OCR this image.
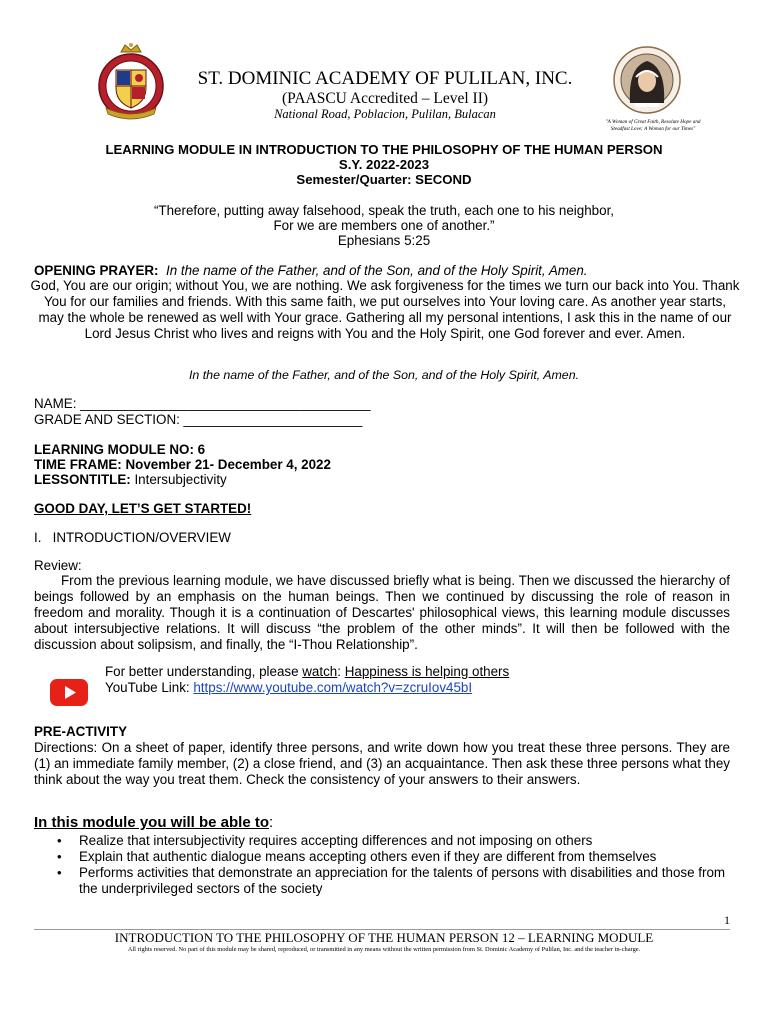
ST. DOMINIC ACADEMY OF PULILAN, INC.
(PAASCU Accredited – Level II)
National Road, Poblacion, Pulilan, Bulacan
"A Woman of Great Faith, Resolute Hope and Steadfast Love; A Woman for our Times"
LEARNING MODULE IN INTRODUCTION TO THE PHILOSOPHY OF THE HUMAN PERSON
S.Y. 2022-2023
Semester/Quarter: SECOND
“Therefore, putting away falsehood, speak the truth, each one to his neighbor,
For we are members one of another.”
Ephesians 5:25
OPENING PRAYER: In the name of the Father, and of the Son, and of the Holy Spirit, Amen.
God, You are our origin; without You, we are nothing. We ask forgiveness for the times we turn our back into You. Thank You for our families and friends. With this same faith, we put ourselves into Your loving care. As another year starts, may the whole be renewed as well with Your grace. Gathering all my personal intentions, I ask this in the name of our Lord Jesus Christ who lives and reigns with You and the Holy Spirit, one God forever and ever. Amen.
In the name of the Father, and of the Son, and of the Holy Spirit, Amen.
NAME: _______________________________________
GRADE AND SECTION: ________________________
LEARNING MODULE NO: 6
TIME FRAME: November 21- December 4, 2022
LESSONTITLE: Intersubjectivity
GOOD DAY, LET’S GET STARTED!
I.   INTRODUCTION/OVERVIEW
Review:
From the previous learning module, we have discussed briefly what is being. Then we discussed the hierarchy of beings followed by an emphasis on the human beings. Then we continued by discussing the role of reason in freedom and morality. Though it is a continuation of Descartes' philosophical views, this learning module discusses about intersubjective relations. It will discuss “the problem of the other minds”. It will then be followed with the discussion about solipsism, and finally, the “I-Thou Relationship”.
For better understanding, please watch: Happiness is helping others
YouTube Link: https://www.youtube.com/watch?v=zcruIov45bI
PRE-ACTIVITY
Directions: On a sheet of paper, identify three persons, and write down how you treat these three persons. They are (1) an immediate family member, (2) a close friend, and (3) an acquaintance. Then ask these three persons what they think about the way you treat them. Check the consistency of your answers to their answers.
In this module you will be able to:
• Realize that intersubjectivity requires accepting differences and not imposing on others
• Explain that authentic dialogue means accepting others even if they are different from themselves
• Performs activities that demonstrate an appreciation for the talents of persons with disabilities and those from the underprivileged sectors of the society
1
INTRODUCTION TO THE PHILOSOPHY OF THE HUMAN PERSON 12 – LEARNING MODULE
All rights reserved. No part of this module may be shared, reproduced, or transmitted in any means without the written permission from St. Dominic Academy of Pulilan, Inc. and the teacher in-charge.
